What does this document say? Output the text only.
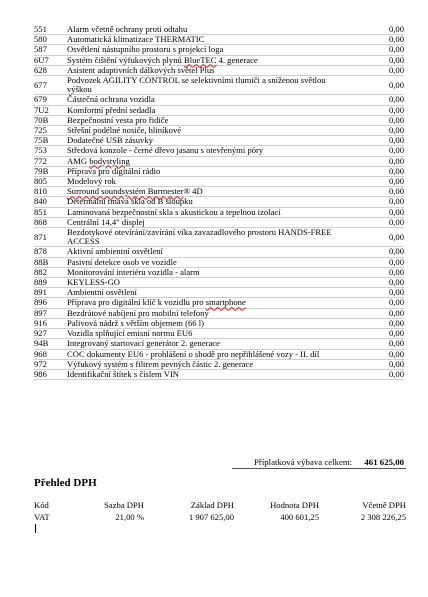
551	Alarm včetně ochrany proti odtahu	0,00
580	Automatická klimatizace THERMATIC	0,00
587	Osvětlení nástupního prostoru s projekcí loga	0,00
6U7	Systém čištění výfukových plynů BlueTEC 4. generace	0,00
628	Asistent adaptivních dálkových světel Plus	0,00
677	Podvozek AGILITY CONTROL se selektivními tlumiči a sníženou světlou výškou	0,00
679	Částečná ochrana vozidla	0,00
7U2	Komfortní přední sedadla	0,00
70B	Bezpečnostní vesta pro řidiče	0,00
725	Střešní podélné nosiče, hliníkové	0,00
75B	Dodatečné USB zásuvky	0,00
753	Středová konzole - černé dřevo jasanu s otevřenými póry	0,00
772	AMG bodystyling	0,00
79B	Příprava pro digitální rádio	0,00
805	Modelový rok	0,00
810	Surround soundsystém Burmester® 4D	0,00
840	Determální tmavá skla od B sloupku	0,00
851	Laminovaná bezpečnostní skla s akustickou a tepelnou izolací	0,00
868	Centrální 14,4" displej	0,00
871	Bezdotykové otevírání/zavírání víka zavazadlového prostoru HANDS-FREE ACCESS	0,00
878	Aktivní ambientní osvětlení	0,00
88B	Pasivní detekce osob ve vozidle	0,00
882	Monitorování interiéru vozidla - alarm	0,00
889	KEYLESS-GO	0,00
891	Ambientní osvětlení	0,00
896	Příprava pro digitální klíč k vozidlu pro smartphone	0,00
897	Bezdrátové nabíjení pro mobilní telefony	0,00
916	Palivová nádrž s větším objemem (66 l)	0,00
927	Vozidla splňující emisní normu EU6	0,00
94B	Integrovaný startovací generátor 2. generace	0,00
968	COC dokumenty EU6 - prohlášení o shodě pro nepřihlášené vozy - II. díl	0,00
972	Výfukový systém s filtrem pevných částic 2. generace	0,00
986	Identifikační štítek s číslem VIN	0,00
Příplatková výbava celkem: 461 625,00
Přehled DPH
Kód	Sazba DPH	Základ DPH	Hodnota DPH	Včetně DPH
VAT	21,00 %	1 907 625,00	400 601,25	2 308 226,25
